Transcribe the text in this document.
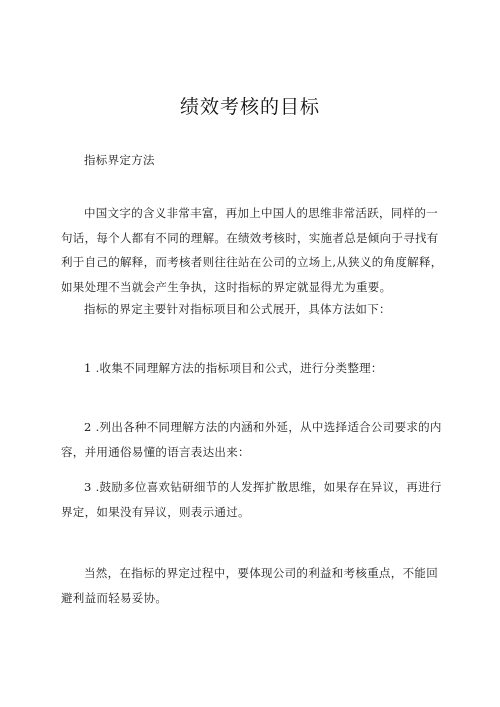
绩效考核的目标

指标界定方法

中国文字的含义非常丰富，再加上中国人的思维非常活跃，同样的一句话，每个人都有不同的理解。在绩效考核时，实施者总是倾向于寻找有利于自己的解释，而考核者则往往站在公司的立场上,从狭义的角度解释，如果处理不当就会产生争执，这时指标的界定就显得尤为重要。

指标的界定主要针对指标项目和公式展开，具体方法如下：

1 .收集不同理解方法的指标项目和公式，进行分类整理：

2 .列出各种不同理解方法的内涵和外延，从中选择适合公司要求的内容，并用通俗易懂的语言表达出来：

3 .鼓励多位喜欢钻研细节的人发挥扩散思维，如果存在异议，再进行界定，如果没有异议，则表示通过。

当然，在指标的界定过程中，要体现公司的利益和考核重点，不能回避利益而轻易妥协。
